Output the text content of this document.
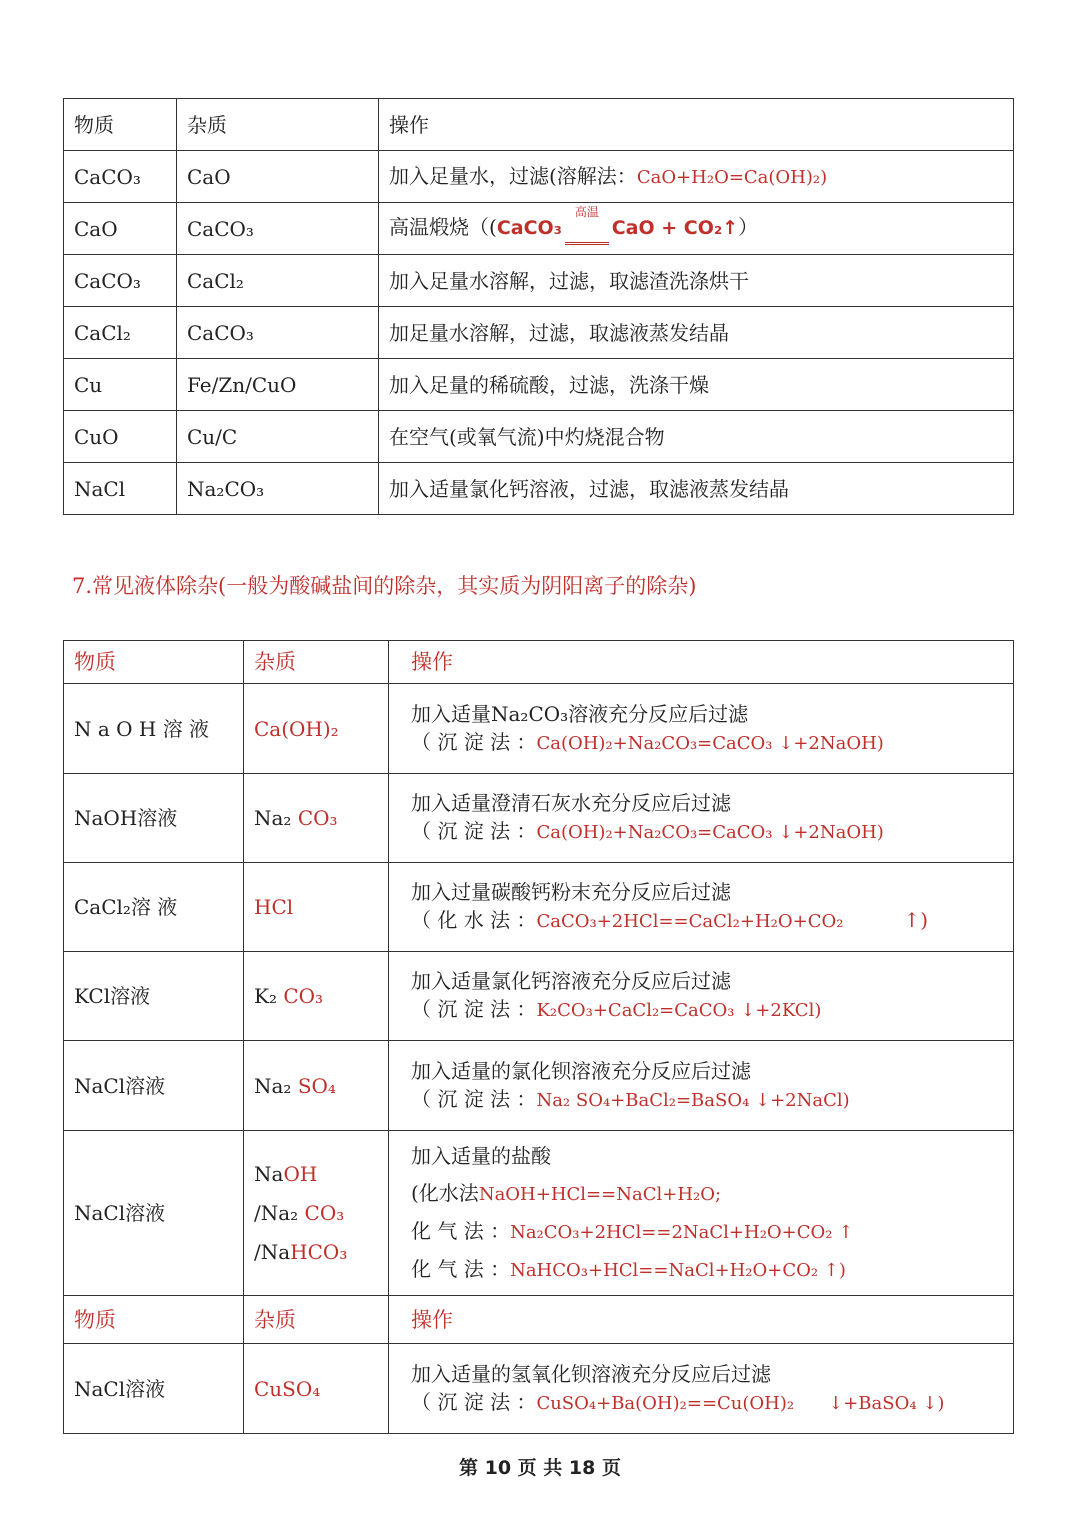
物质	杂质	操作
CaCO₃	CaO	加入足量水，过滤(溶解法：CaO+H₂O=Ca(OH)₂)
CaO	CaCO₃	高温煅烧（(CaCO₃
高温
CaO + CO₂↑）
CaCO₃	CaCl₂	加入足量水溶解，过滤，取滤渣洗涤烘干
CaCl₂	CaCO₃	加足量水溶解，过滤，取滤液蒸发结晶
Cu	Fe/Zn/CuO	加入足量的稀硫酸，过滤，洗涤干燥
CuO	Cu/C	在空气(或氧气流)中灼烧混合物
NaCl	Na₂CO₃	加入适量氯化钙溶液，过滤，取滤液蒸发结晶
7.常见液体除杂(一般为酸碱盐间的除杂，其实质为阴阳离子的除杂)
物质	杂质	操作
N a O H 溶 液	Ca(OH)₂	加入适量Na₂CO₃溶液充分反应后过滤
（ 沉 淀 法 ：Ca(OH)₂+Na₂CO₃=CaCO₃ ↓+2NaOH)

NaOH溶液	Na₂ CO₃	加入适量澄清石灰水充分反应后过滤
（ 沉 淀 法 ：Ca(OH)₂+Na₂CO₃=CaCO₃ ↓+2NaOH)

CaCl₂溶 液	HCl	加入过量碳酸钙粉末充分反应后过滤
（ 化 水 法 ：CaCO₃+2HCl==CaCl₂+H₂O+CO₂ ↑)

KCl溶液	K₂ CO₃	加入适量氯化钙溶液充分反应后过滤
（ 沉 淀 法 ：K₂CO₃+CaCl₂=CaCO₃ ↓+2KCl)

NaCl溶液	Na₂ SO₄	加入适量的氯化钡溶液充分反应后过滤
（ 沉 淀 法 ：Na₂ SO₄+BaCl₂=BaSO₄ ↓+2NaCl)

NaCl溶液	NaOH
/Na₂ CO₃
/NaHCO₃	加入适量的盐酸
(化水法NaOH+HCl==NaCl+H₂O;
化 气 法 ：Na₂CO₃+2HCl==2NaCl+H₂O+CO₂ ↑
化 气 法 ：NaHCO₃+HCl==NaCl+H₂O+CO₂ ↑)

物质	杂质	操作
NaCl溶液	CuSO₄	加入适量的氢氧化钡溶液充分反应后过滤
（ 沉 淀 法 ：CuSO₄+Ba(OH)₂==Cu(OH)₂ ↓+BaSO₄ ↓)
第 10 页 共 18 页
